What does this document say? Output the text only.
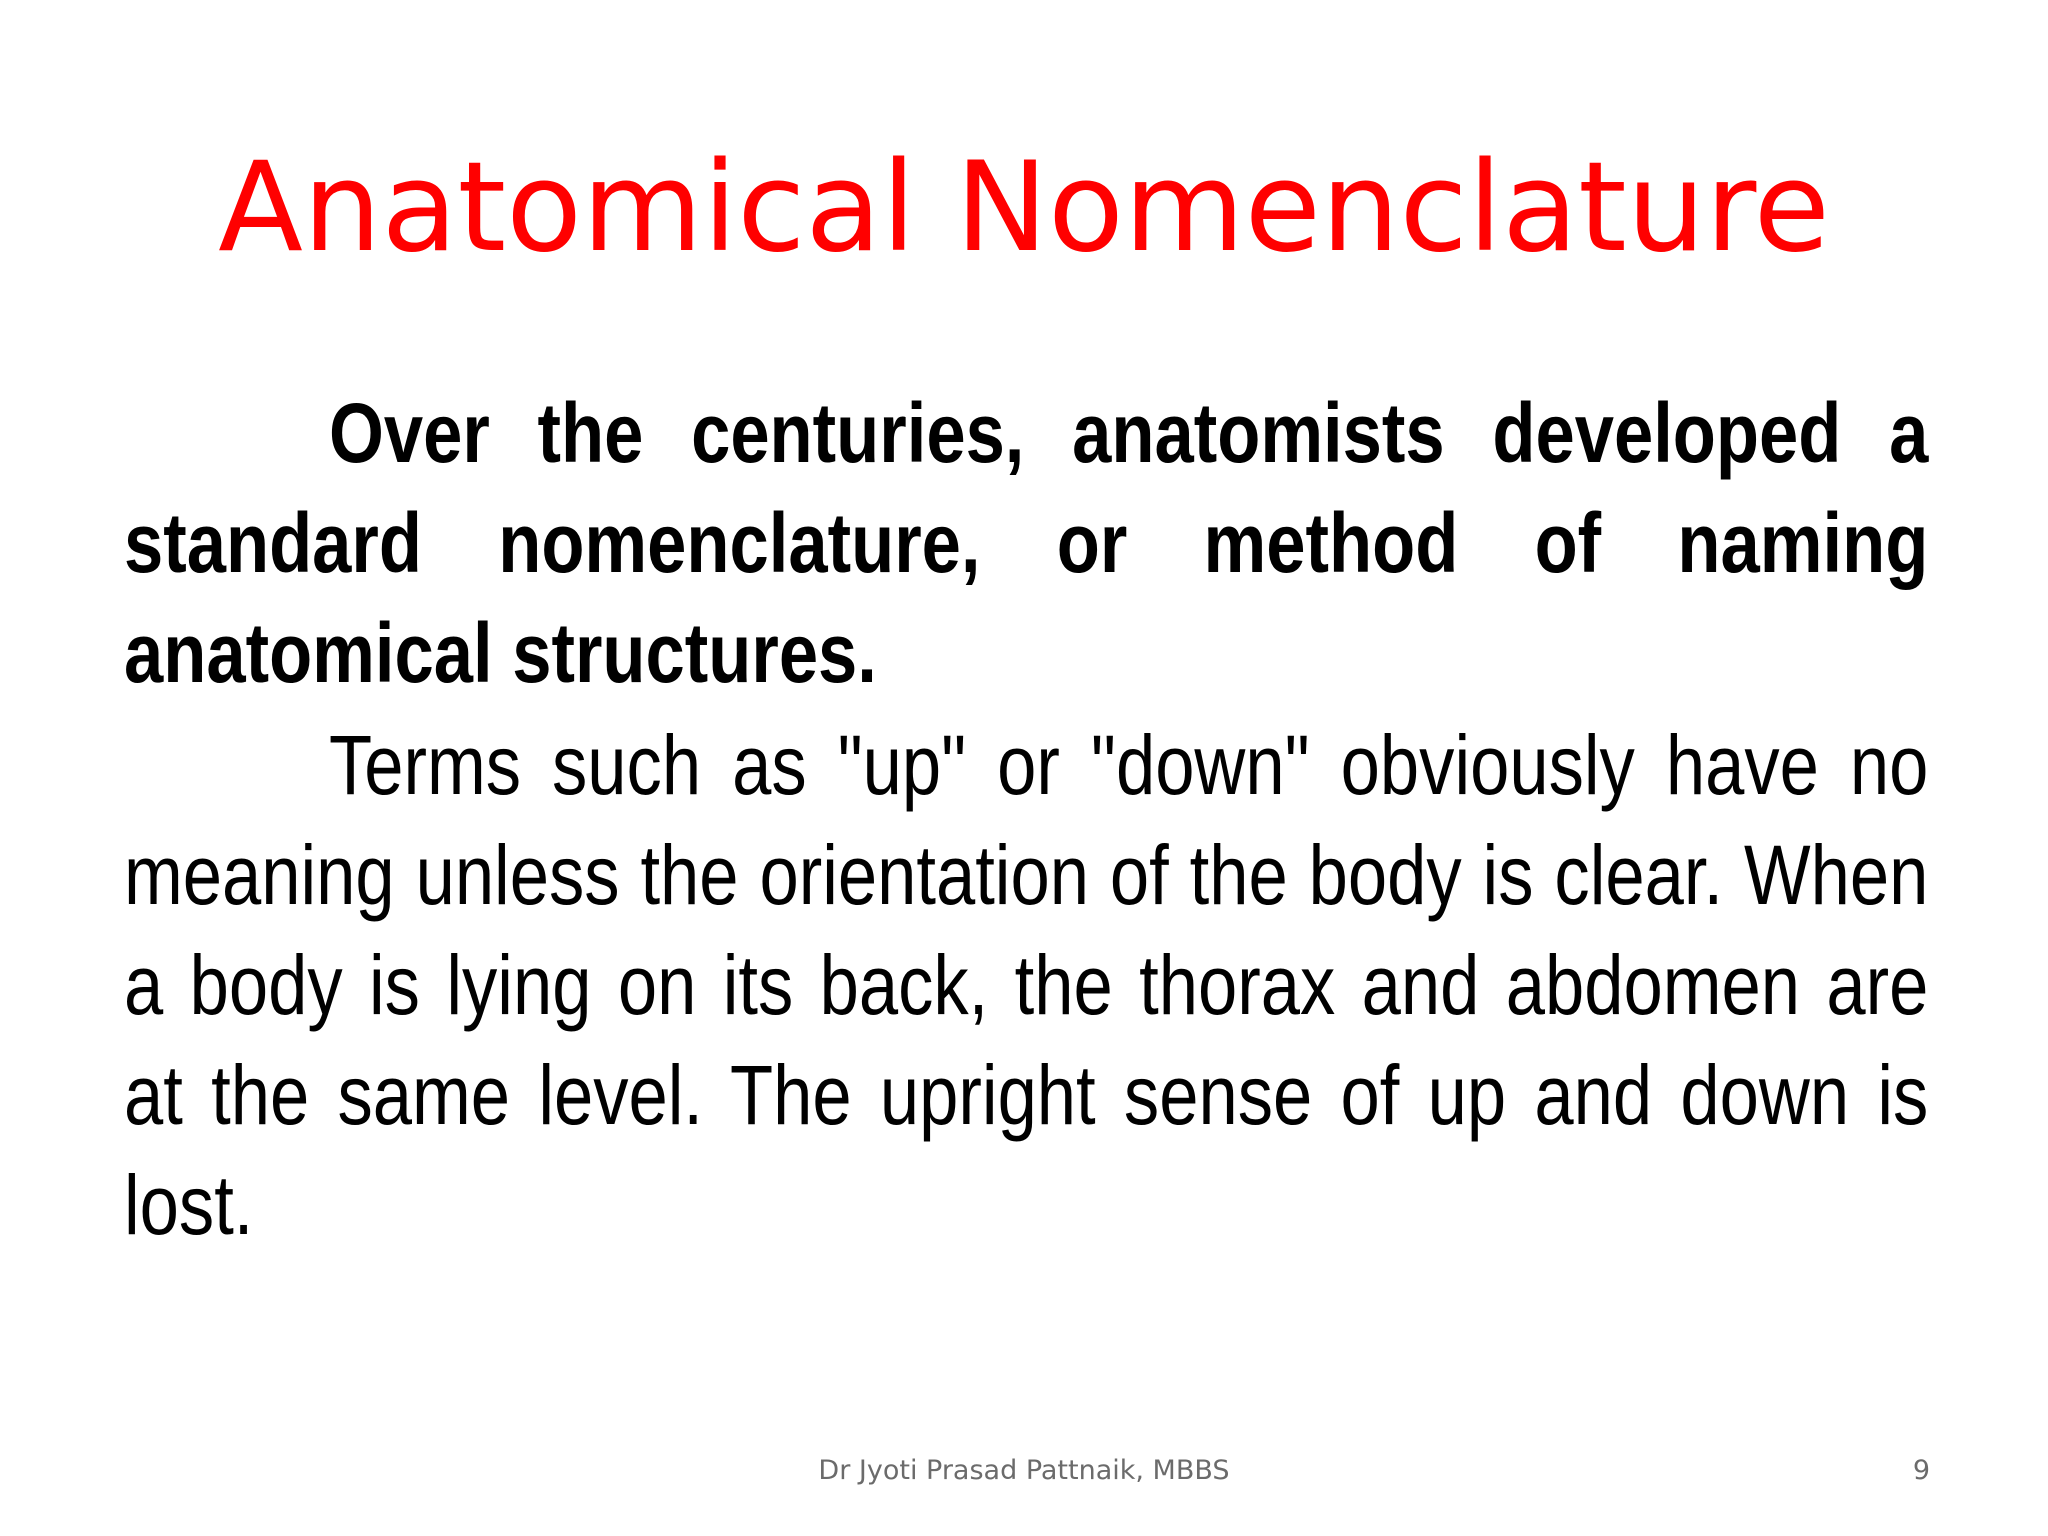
Anatomical Nomenclature

Over the centuries, anatomists developed a standard nomenclature, or method of naming anatomical structures.

Terms such as "up" or "down" obviously have no meaning unless the orientation of the body is clear. When a body is lying on its back, the thorax and abdomen are at the same level. The upright sense of up and down is lost.

Dr Jyoti Prasad Pattnaik, MBBS	9
